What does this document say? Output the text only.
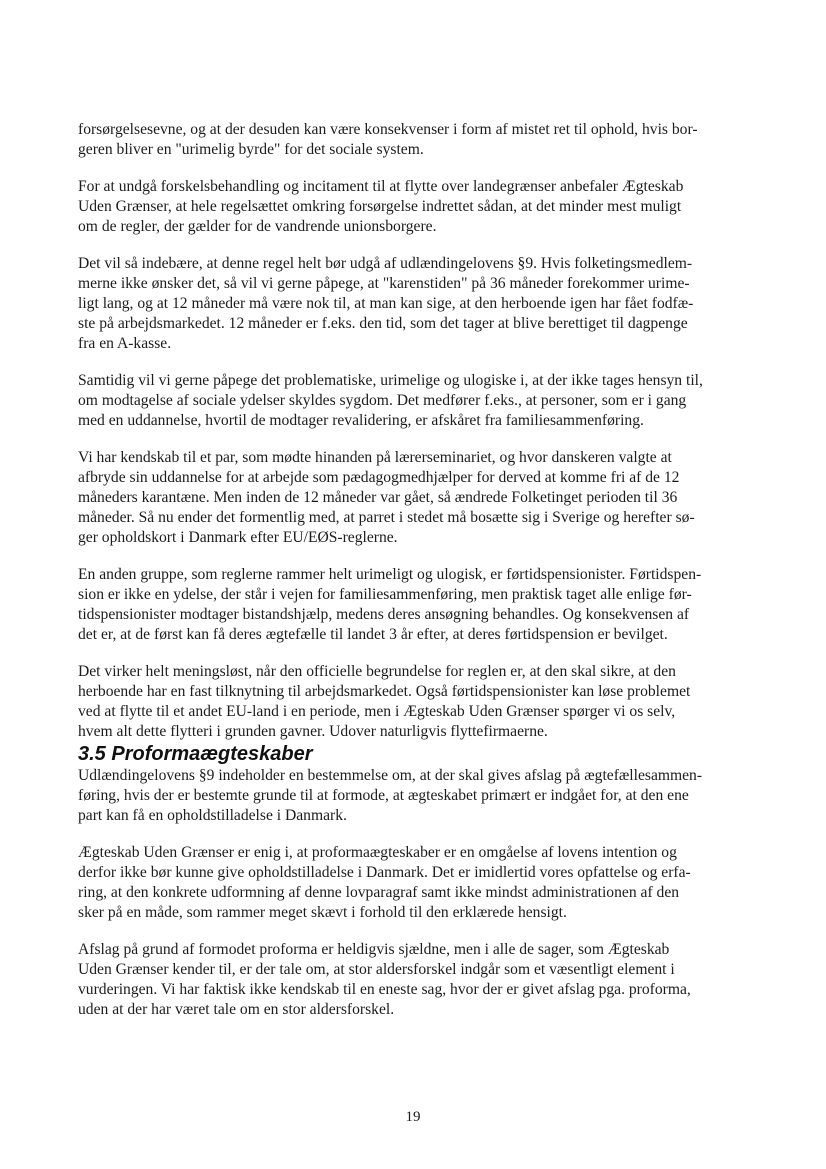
forsørgelsesevne, og at der desuden kan være konsekvenser i form af mistet ret til ophold, hvis bor-
geren bliver en "urimelig byrde" for det sociale system.

For at undgå forskelsbehandling og incitament til at flytte over landegrænser anbefaler Ægteskab
Uden Grænser, at hele regelsættet omkring forsørgelse indrettet sådan, at det minder mest muligt
om de regler, der gælder for de vandrende unionsborgere.

Det vil så indebære, at denne regel helt bør udgå af udlændingelovens §9. Hvis folketingsmedlem-
merne ikke ønsker det, så vil vi gerne påpege, at "karenstiden" på 36 måneder forekommer urime-
ligt lang, og at 12 måneder må være nok til, at man kan sige, at den herboende igen har fået fodfæ-
ste på arbejdsmarkedet. 12 måneder er f.eks. den tid, som det tager at blive berettiget til dagpenge
fra en A-kasse.

Samtidig vil vi gerne påpege det problematiske, urimelige og ulogiske i, at der ikke tages hensyn til,
om modtagelse af sociale ydelser skyldes sygdom. Det medfører f.eks., at personer, som er i gang
med en uddannelse, hvortil de modtager revalidering, er afskåret fra familiesammenføring.

Vi har kendskab til et par, som mødte hinanden på lærerseminariet, og hvor danskeren valgte at
afbryde sin uddannelse for at arbejde som pædagogmedhjælper for derved at komme fri af de 12
måneders karantæne. Men inden de 12 måneder var gået, så ændrede Folketinget perioden til 36
måneder. Så nu ender det formentlig med, at parret i stedet må bosætte sig i Sverige og herefter sø-
ger opholdskort i Danmark efter EU/EØS-reglerne.

En anden gruppe, som reglerne rammer helt urimeligt og ulogisk, er førtidspensionister. Førtidspen-
sion er ikke en ydelse, der står i vejen for familiesammenføring, men praktisk taget alle enlige før-
tidspensionister modtager bistandshjælp, medens deres ansøgning behandles. Og konsekvensen af
det er, at de først kan få deres ægtefælle til landet 3 år efter, at deres førtidspension er bevilget.

Det virker helt meningsløst, når den officielle begrundelse for reglen er, at den skal sikre, at den
herboende har en fast tilknytning til arbejdsmarkedet. Også førtidspensionister kan løse problemet
ved at flytte til et andet EU-land i en periode, men i Ægteskab Uden Grænser spørger vi os selv,
hvem alt dette flytteri i grunden gavner. Udover naturligvis flyttefirmaerne.

3.5 Proformaægteskaber

Udlændingelovens §9 indeholder en bestemmelse om, at der skal gives afslag på ægtefællesammen-
føring, hvis der er bestemte grunde til at formode, at ægteskabet primært er indgået for, at den ene
part kan få en opholdstilladelse i Danmark.

Ægteskab Uden Grænser er enig i, at proformaægteskaber er en omgåelse af lovens intention og
derfor ikke bør kunne give opholdstilladelse i Danmark. Det er imidlertid vores opfattelse og erfa-
ring, at den konkrete udformning af denne lovparagraf samt ikke mindst administrationen af den
sker på en måde, som rammer meget skævt i forhold til den erklærede hensigt.

Afslag på grund af formodet proforma er heldigvis sjældne, men i alle de sager, som Ægteskab
Uden Grænser kender til, er der tale om, at stor aldersforskel indgår som et væsentligt element i
vurderingen. Vi har faktisk ikke kendskab til en eneste sag, hvor der er givet afslag pga. proforma,
uden at der har været tale om en stor aldersforskel.

19
